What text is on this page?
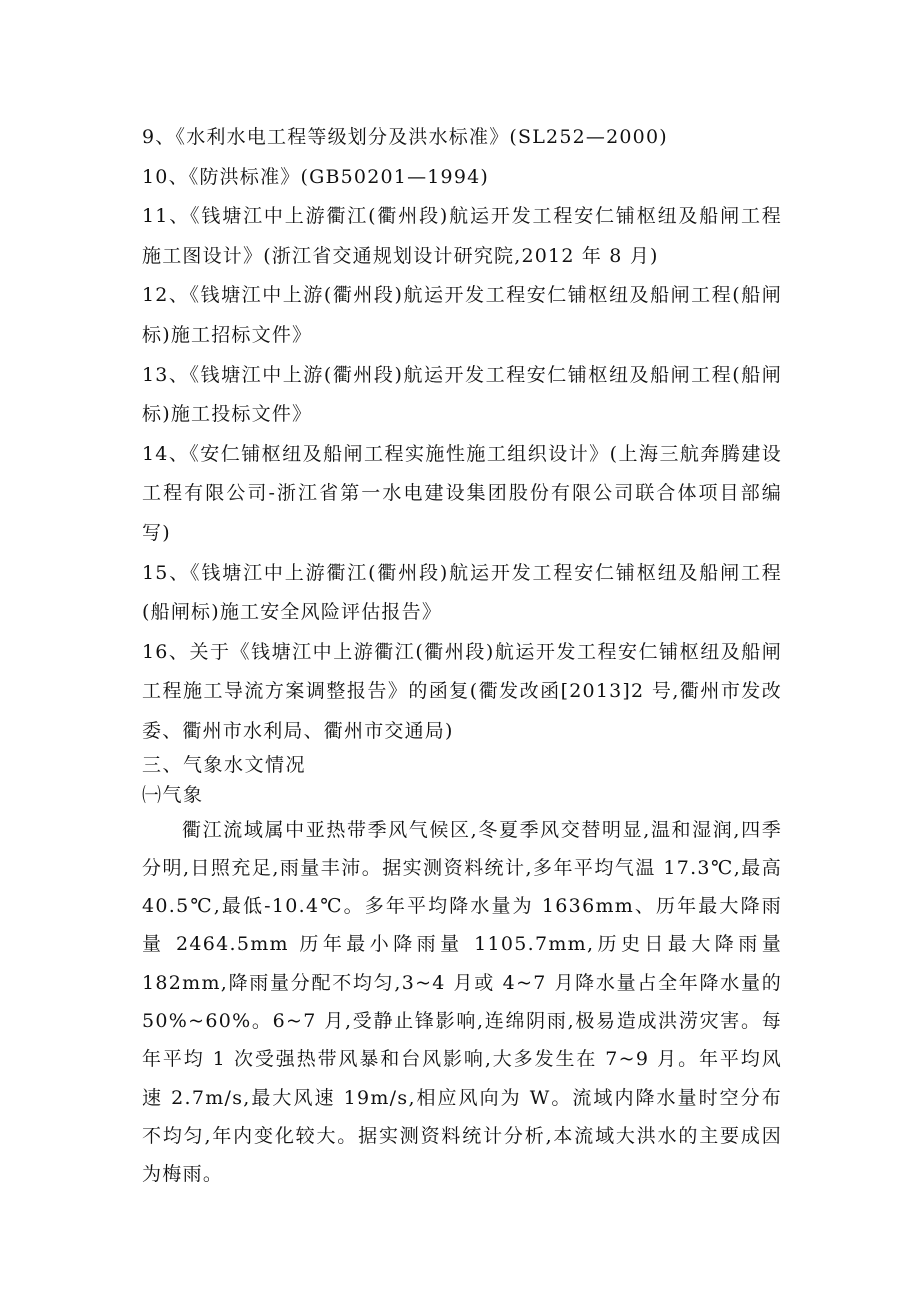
9、《水利水电工程等级划分及洪水标准》(SL252—2000)

10、《防洪标准》(GB50201—1994)

11、《钱塘江中上游衢江(衢州段)航运开发工程安仁铺枢纽及船闸工程施工图设计》(浙江省交通规划设计研究院,2012 年 8 月)

12、《钱塘江中上游(衢州段)航运开发工程安仁铺枢纽及船闸工程(船闸标)施工招标文件》

13、《钱塘江中上游(衢州段)航运开发工程安仁铺枢纽及船闸工程(船闸标)施工投标文件》

14、《安仁铺枢纽及船闸工程实施性施工组织设计》(上海三航奔腾建设工程有限公司-浙江省第一水电建设集团股份有限公司联合体项目部编写)

15、《钱塘江中上游衢江(衢州段)航运开发工程安仁铺枢纽及船闸工程(船闸标)施工安全风险评估报告》

16、关于《钱塘江中上游衢江(衢州段)航运开发工程安仁铺枢纽及船闸工程施工导流方案调整报告》的函复(衢发改函[2013]2 号,衢州市发改委、衢州市水利局、衢州市交通局)

三、气象水文情况

㈠气象

衢江流域属中亚热带季风气候区,冬夏季风交替明显,温和湿润,四季分明,日照充足,雨量丰沛。据实测资料统计,多年平均气温 17.3℃,最高 40.5℃,最低-10.4℃。多年平均降水量为 1636mm、历年最大降雨量 2464.5mm 历年最小降雨量 1105.7mm,历史日最大降雨量 182mm,降雨量分配不均匀,3~4 月或 4~7 月降水量占全年降水量的 50%~60%。6~7 月,受静止锋影响,连绵阴雨,极易造成洪涝灾害。每年平均 1 次受强热带风暴和台风影响,大多发生在 7~9 月。年平均风速 2.7m/s,最大风速 19m/s,相应风向为 W。流域内降水量时空分布不均匀,年内变化较大。据实测资料统计分析,本流域大洪水的主要成因为梅雨。
